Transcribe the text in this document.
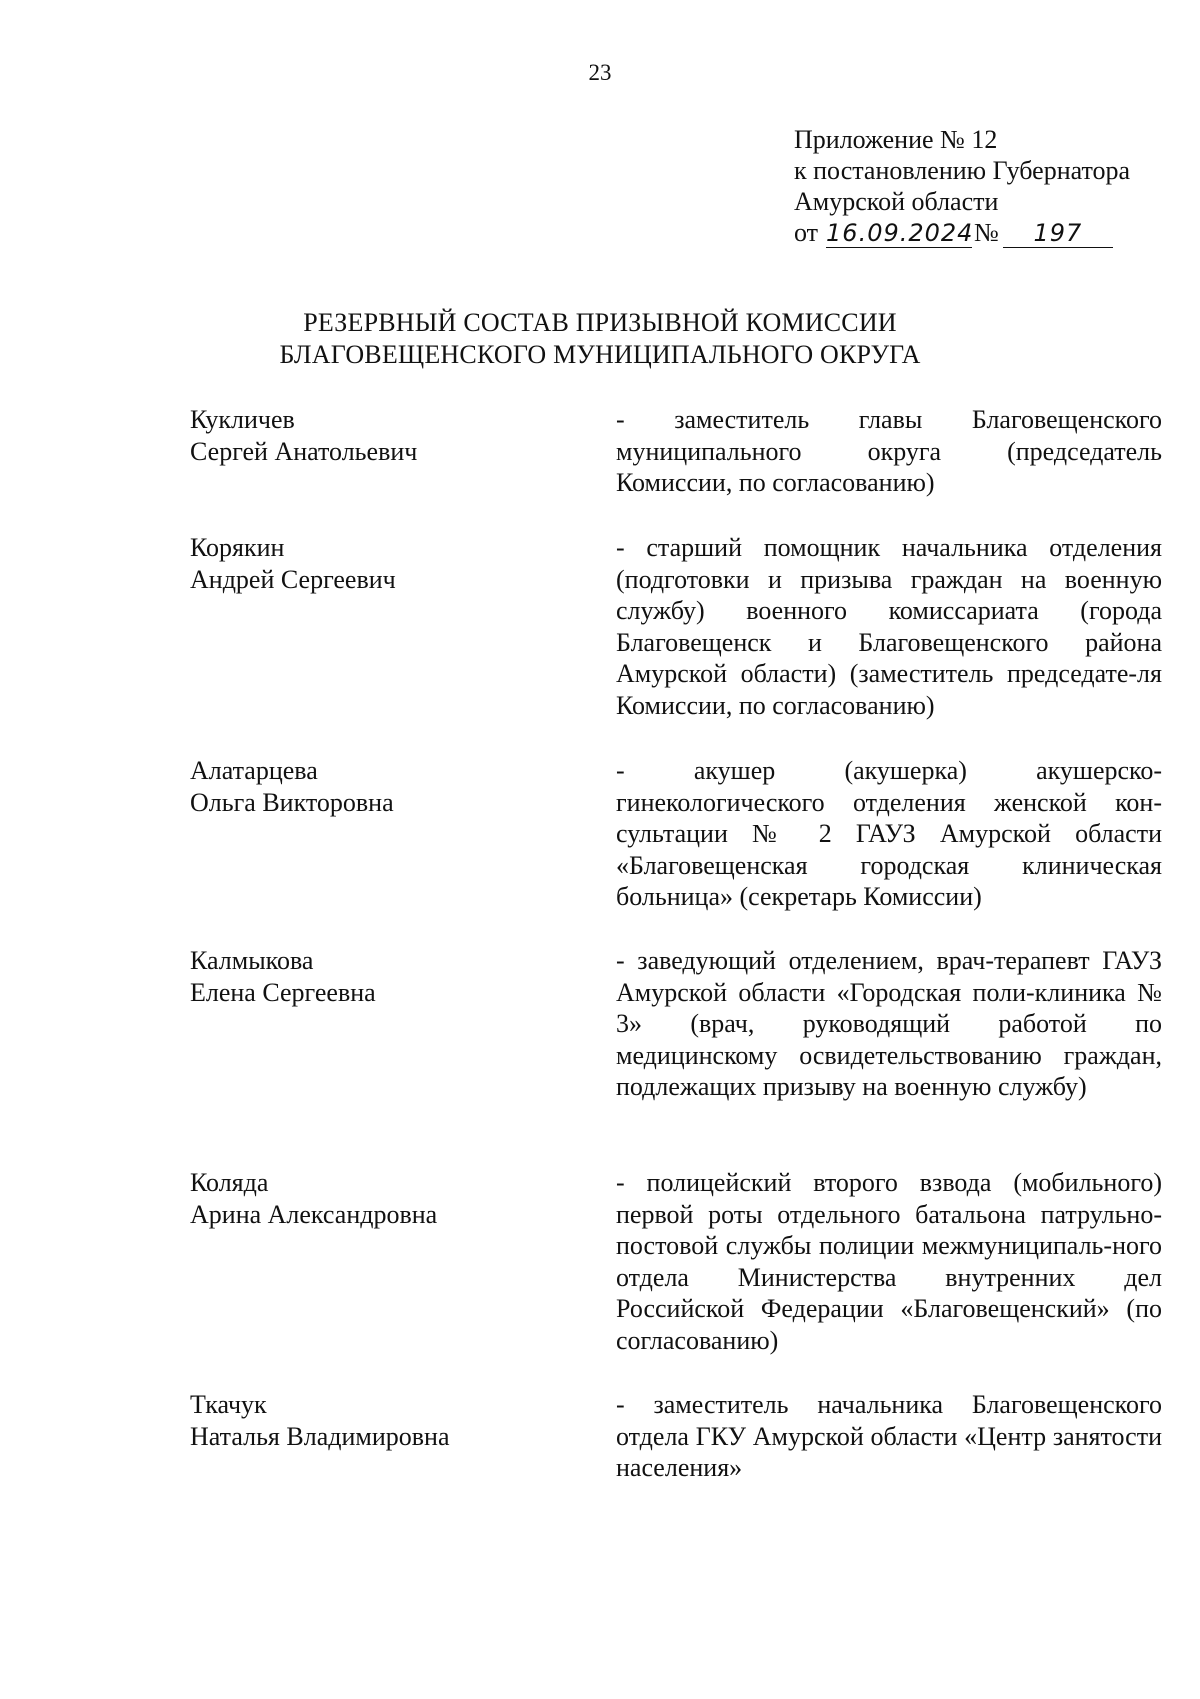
23
Приложение № 12
к постановлению Губернатора
Амурской области
от 16.09.2024 №	197
РЕЗЕРВНЫЙ СОСТАВ ПРИЗЫВНОЙ КОМИССИИ
БЛАГОВЕЩЕНСКОГО МУНИЦИПАЛЬНОГО ОКРУГА
Кукличев
Сергей Анатольевич
- заместитель главы Благовещенского муниципального округа (председатель Комиссии, по согласованию)
Корякин
Андрей Сергеевич
- старший помощник начальника отделения (подготовки и призыва граждан на военную службу) военного комиссариата (города Благовещенск и Благовещенского района Амурской области) (заместитель председате-ля Комиссии, по согласованию)
Алатарцева
Ольга Викторовна
- акушер (акушерка) акушерско-гинекологического отделения женской кон-сультации № 2 ГАУЗ Амурской области «Благовещенская городская клиническая больница» (секретарь Комиссии)
Калмыкова
Елена Сергеевна
- заведующий отделением, врач-терапевт ГАУЗ Амурской области «Городская поли-клиника № 3» (врач, руководящий работой по медицинскому освидетельствованию граждан, подлежащих призыву на военную службу)
Коляда
Арина Александровна
- полицейский второго взвода (мобильного) первой роты отдельного батальона патрульно-постовой службы полиции межмуниципаль-ного отдела Министерства внутренних дел Российской Федерации «Благовещенский» (по согласованию)
Ткачук
Наталья Владимировна
- заместитель начальника Благовещенского отдела ГКУ Амурской области «Центр занятости населения»
